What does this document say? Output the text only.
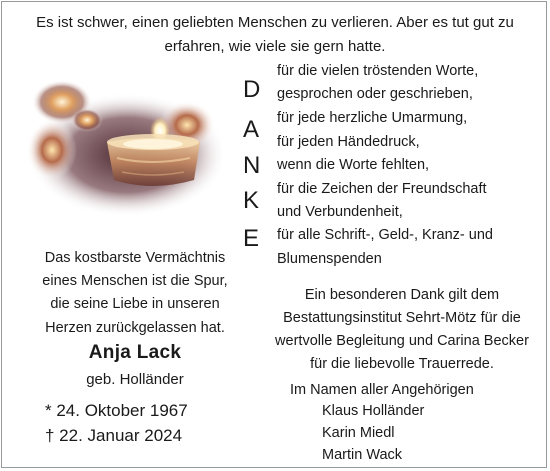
Es ist schwer, einen geliebten Menschen zu verlieren. Aber es tut gut zu
erfahren, wie viele sie gern hatte.
D
A
N
K
E
für die vielen tröstenden Worte,
gesprochen oder geschrieben,
für jede herzliche Umarmung,
für jeden Händedruck,
wenn die Worte fehlten,
für die Zeichen der Freundschaft
und Verbundenheit,
für alle Schrift-, Geld-, Kranz- und
Blumenspenden
Das kostbarste Vermächtnis
eines Menschen ist die Spur,
die seine Liebe in unseren
Herzen zurückgelassen hat.
Anja Lack
geb. Holländer
* 24. Oktober 1967
† 22. Januar 2024
Ein besonderen Dank gilt dem
Bestattungsinstitut Sehrt-Mötz für die
wertvolle Begleitung und Carina Becker
für die liebevolle Trauerrede.
Im Namen aller Angehörigen
Klaus Holländer
Karin Miedl
Martin Wack
